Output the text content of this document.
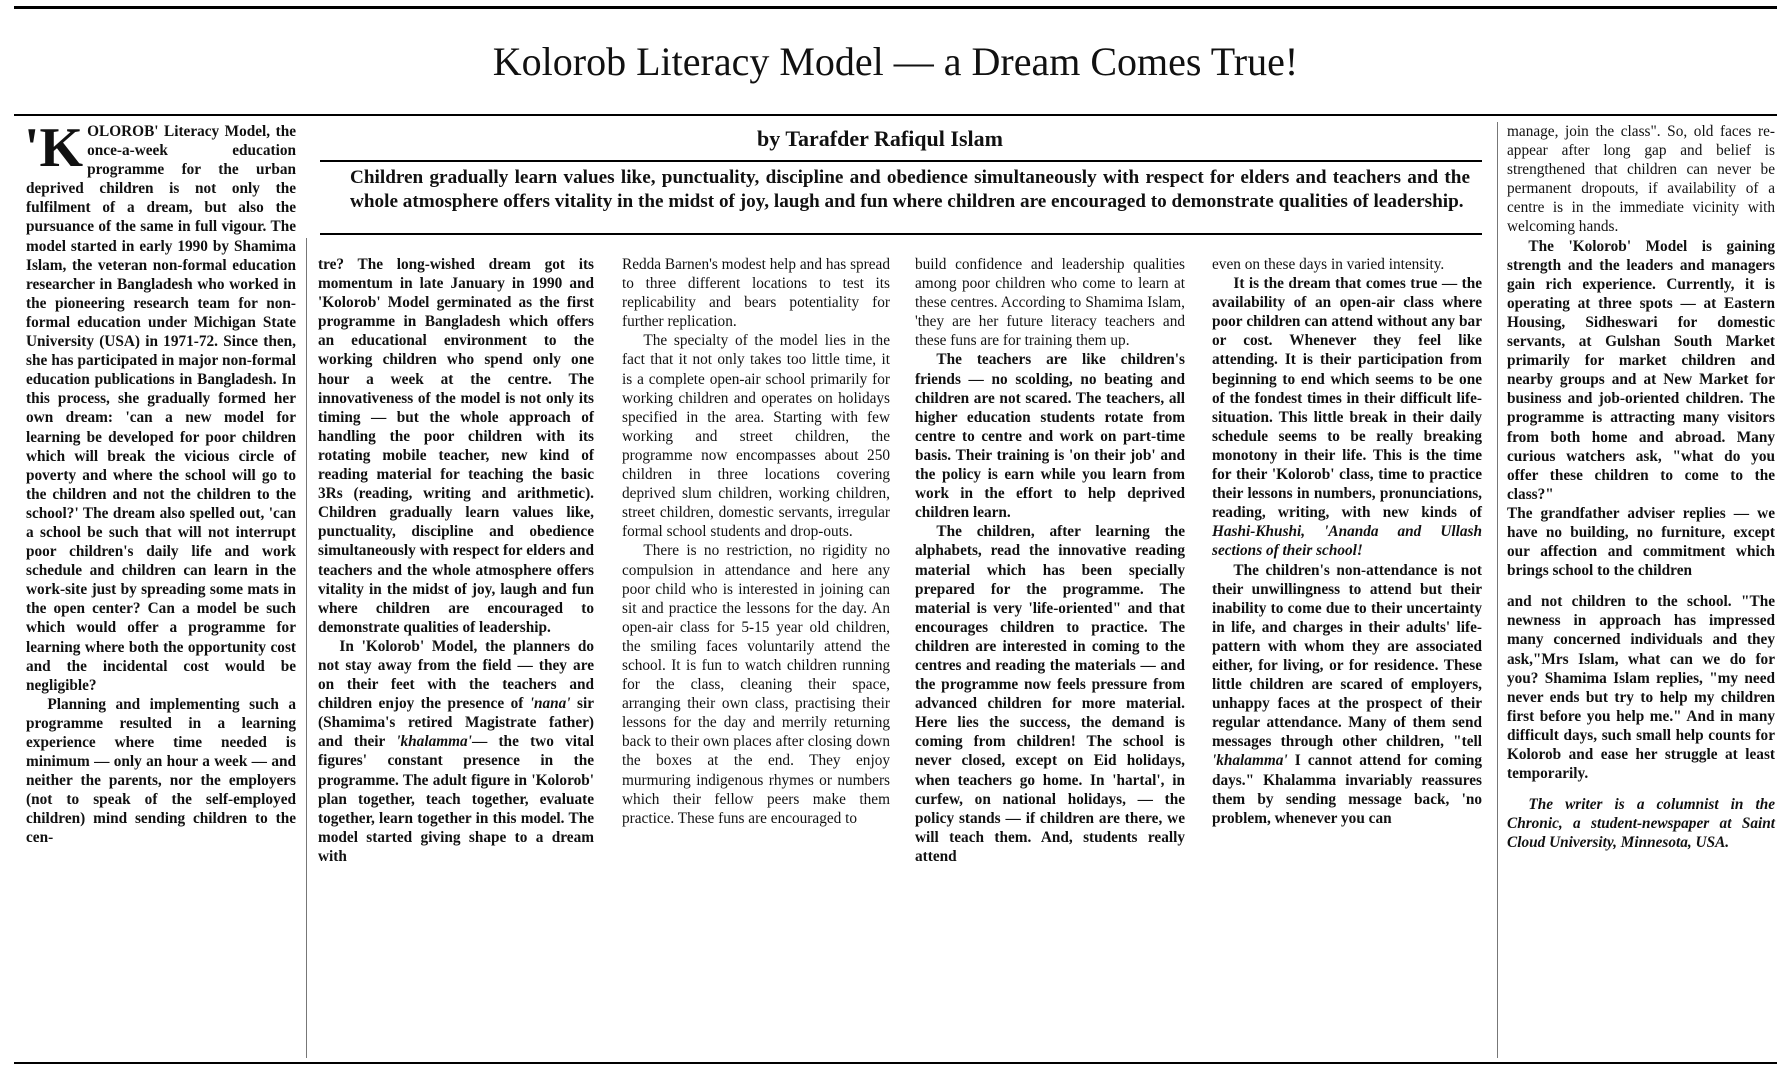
Kolorob Literacy Model — a Dream Comes True!
by Tarafder Rafiqul Islam
Children gradually learn values like, punctuality, discipline and obedience simultaneously with respect for elders and teachers and the whole atmosphere offers vitality in the midst of joy, laugh and fun where children are encouraged to demonstrate qualities of leadership.

'KOLOROB' Literacy Model, the once-a-week education programme for the urban deprived children is not only the fulfilment of a dream, but also the pursuance of the same in full vigour. The model started in early 1990 by Shamima Islam, the veteran non-formal education researcher in Bangladesh who worked in the pioneering research team for non-formal education under Michigan State University (USA) in 1971-72. Since then, she has participated in major non-formal education publications in Bangladesh. In this process, she gradually formed her own dream: 'can a new model for learning be developed for poor children which will break the vicious circle of poverty and where the school will go to the children and not the children to the school?' The dream also spelled out, 'can a school be such that will not interrupt poor children's daily life and work schedule and children can learn in the work-site just by spreading some mats in the open center? Can a model be such which would offer a programme for learning where both the opportunity cost and the incidental cost would be negligible?

Planning and implementing such a programme resulted in a learning experience where time needed is minimum — only an hour a week — and neither the parents, nor the employers (not to speak of the self-employed children) mind sending children to the cen-

tre? The long-wished dream got its momentum in late January in 1990 and 'Kolorob' Model germinated as the first programme in Bangladesh which offers an educational environment to the working children who spend only one hour a week at the centre. The innovativeness of the model is not only its timing — but the whole approach of handling the poor children with its rotating mobile teacher, new kind of reading material for teaching the basic 3Rs (reading, writing and arithmetic). Children gradually learn values like, punctuality, discipline and obedience simultaneously with respect for elders and teachers and the whole atmosphere offers vitality in the midst of joy, laugh and fun where children are encouraged to demonstrate qualities of leadership.

In 'Kolorob' Model, the planners do not stay away from the field — they are on their feet with the teachers and children enjoy the presence of 'nana' sir (Shamima's retired Magistrate father) and their 'khalamma'— the two vital figures' constant presence in the programme. The adult figure in 'Kolorob' plan together, teach together, evaluate together, learn together in this model. The model started giving shape to a dream with

Redda Barnen's modest help and has spread to three different locations to test its replicability and bears potentiality for further replication.

The specialty of the model lies in the fact that it not only takes too little time, it is a complete open-air school primarily for working children and operates on holidays specified in the area. Starting with few working and street children, the programme now encompasses about 250 children in three locations covering deprived slum children, working children, street children, domestic servants, irregular formal school students and drop-outs.

There is no restriction, no rigidity no compulsion in attendance and here any poor child who is interested in joining can sit and practice the lessons for the day. An open-air class for 5-15 year old children, the smiling faces voluntarily attend the school. It is fun to watch children running for the class, cleaning their space, arranging their own class, practising their lessons for the day and merrily returning back to their own places after closing down the boxes at the end. They enjoy murmuring indigenous rhymes or numbers which their fellow peers make them practice. These funs are encouraged to

build confidence and leadership qualities among poor children who come to learn at these centres. According to Shamima Islam, 'they are her future literacy teachers and these funs are for training them up.

The teachers are like children's friends — no scolding, no beating and children are not scared. The teachers, all higher education students rotate from centre to centre and work on part-time basis. Their training is 'on their job' and the policy is earn while you learn from work in the effort to help deprived children learn.

The children, after learning the alphabets, read the innovative reading material which has been specially prepared for the programme. The material is very 'life-oriented" and that encourages children to practice. The children are interested in coming to the centres and reading the materials — and the programme now feels pressure from advanced children for more material. Here lies the success, the demand is coming from children! The school is never closed, except on Eid holidays, when teachers go home. In 'hartal', in curfew, on national holidays, — the policy stands — if children are there, we will teach them. And, students really attend

even on these days in varied intensity.

It is the dream that comes true — the availability of an open-air class where poor children can attend without any bar or cost. Whenever they feel like attending. It is their participation from beginning to end which seems to be one of the fondest times in their difficult life-situation. This little break in their daily schedule seems to be really breaking monotony in their life. This is the time for their 'Kolorob' class, time to practice their lessons in numbers, pronunciations, reading, writing, with new kinds of Hashi-Khushi, 'Ananda and Ullash sections of their school!

The children's non-attendance is not their unwillingness to attend but their inability to come due to their uncertainty in life, and charges in their adults' life-pattern with whom they are associated either, for living, or for residence. These little children are scared of employers, unhappy faces at the prospect of their regular attendance. Many of them send messages through other children, "tell 'khalamma' I cannot attend for coming days." Khalamma invariably reassures them by sending message back, 'no problem, whenever you can

manage, join the class". So, old faces re-appear after long gap and belief is strengthened that children can never be permanent dropouts, if availability of a centre is in the immediate vicinity with welcoming hands.

The 'Kolorob' Model is gaining strength and the leaders and managers gain rich experience. Currently, it is operating at three spots — at Eastern Housing, Sidheswari for domestic servants, at Gulshan South Market primarily for market children and nearby groups and at New Market for business and job-oriented children. The programme is attracting many visitors from both home and abroad. Many curious watchers ask, "what do you offer these children to come to the class?"

The grandfather adviser replies — we have no building, no furniture, except our affection and commitment which brings school to the children

and not children to the school. "The newness in approach has impressed many concerned individuals and they ask,"Mrs Islam, what can we do for you? Shamima Islam replies, "my need never ends but try to help my children first before you help me." And in many difficult days, such small help counts for Kolorob and ease her struggle at least temporarily.

The writer is a columnist in the Chronic, a student-newspaper at Saint Cloud University, Minnesota, USA.
